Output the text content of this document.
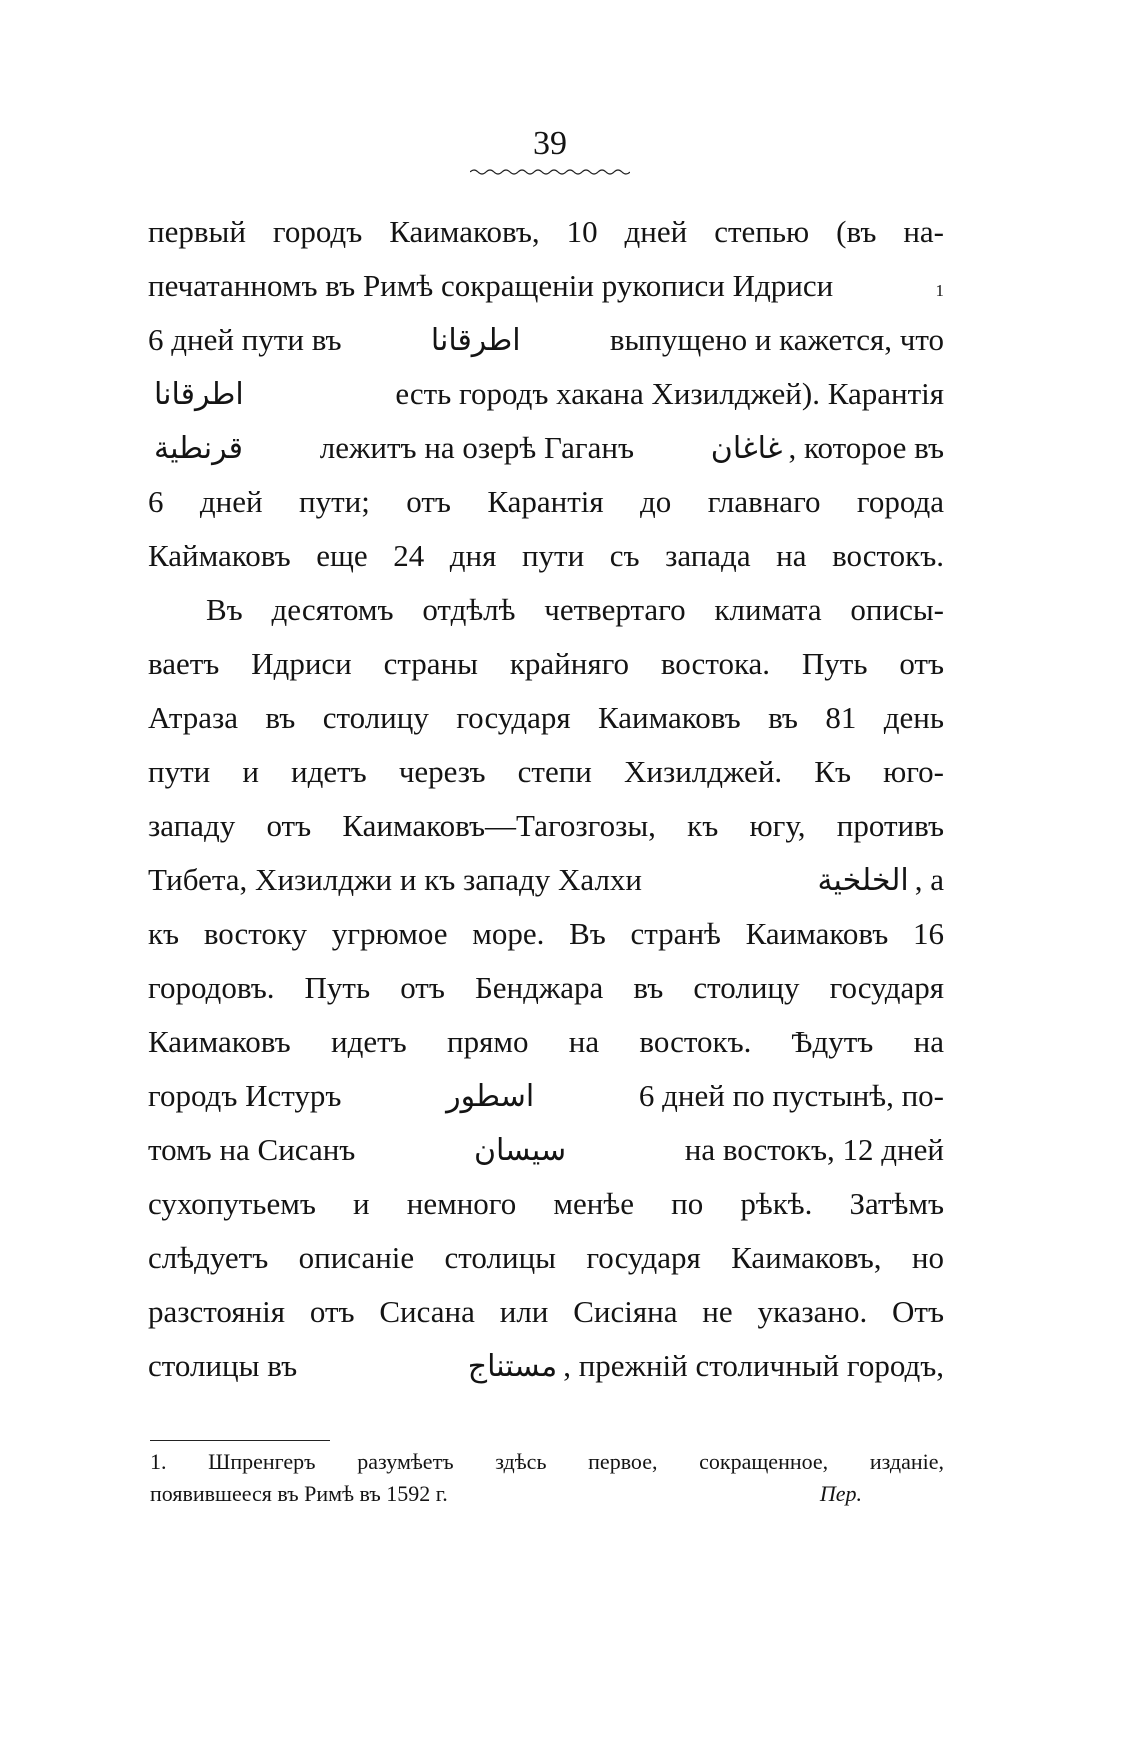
39
первый городъ Каимаковъ, 10 дней степью (въ на-
печатанномъ въ Римѣ сокращеніи рукописи Идриси	1
6 дней пути въ	اطرقانا	выпущено и кажется, что
اطرقانا	есть городъ хакана Хизилджей). Карантія
قرنطية лежитъ на озерѣ Гаганъ	غاغان , которое въ
6 дней пути; отъ Карантія до главнаго города
Каймаковъ еще 24 дня пути съ запада на востокъ.
Въ десятомъ отдѣлѣ четвертаго климата описы-
ваетъ Идриси страны крайняго востока. Путь отъ
Атраза въ столицу государя Каимаковъ въ 81 день
пути и идетъ черезъ степи Хизилджей. Къ юго-
западу отъ Каимаковъ—Тагозгозы, къ югу, противъ
Тибета, Хизилджи и къ западу Халхи	الخلخية , а
къ востоку угрюмое море. Въ странѣ Каимаковъ 16
городовъ. Путь отъ Бенджара въ столицу государя
Каимаковъ идетъ прямо на востокъ. Ѣдутъ на
городъ Истуръ	اسطور	6 дней по пустынѣ, по-
томъ на Сисанъ	سيسان	на востокъ, 12 дней
сухопутьемъ и немного менѣе по рѣкѣ. Затѣмъ
слѣдуетъ описаніе столицы государя Каимаковъ, но
разстоянія отъ Сисана или Сисіяна не указано. Отъ
столицы въ	مستناج , прежній столичный городъ,
1. Шпренгеръ разумѣетъ здѣсь первое, сокращенное, изданіе,
появившееся въ Римѣ въ 1592 г.	Пер.
